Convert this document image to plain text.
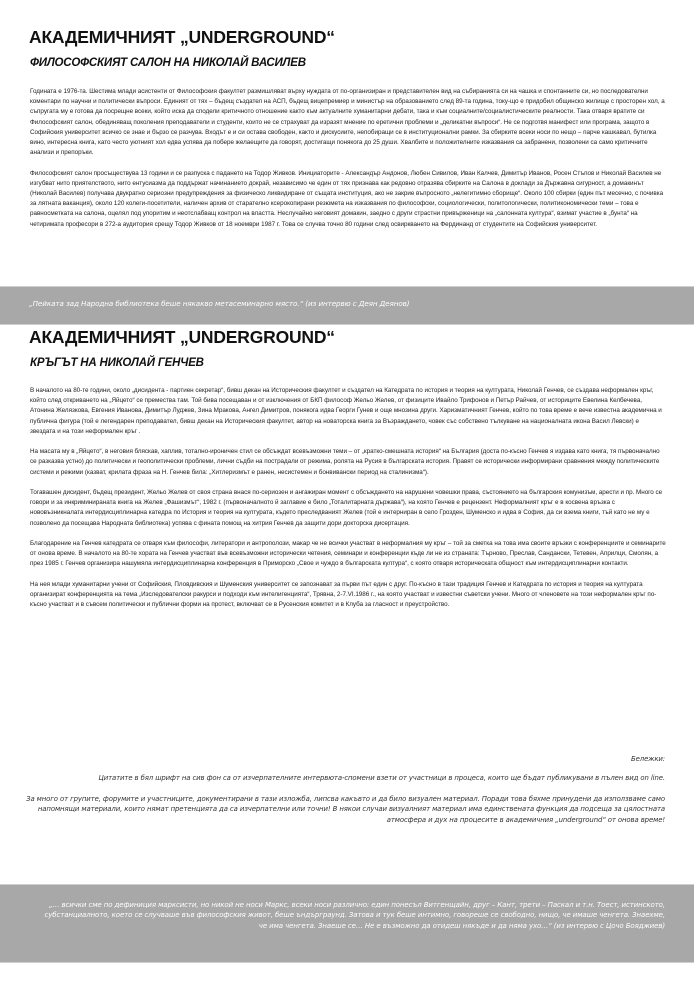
АКАДЕМИЧНИЯТ „UNDERGROUND“
ФИЛОСОФСКИЯТ САЛОН НА НИКОЛАЙ ВАСИЛЕВ

Годината е 1976-та. Шестима млади асистенти от Философския факултет размишляват върху нуждата от по-организиран и представителен вид на събиранията си на чашка и спонтанните си, но последователни коментари по научни и политически въпроси. Единият от тях – бъдещ създател на АСП, бъдещ вицепремиер и министър на образованието след 89-та година, току-що е придобил общинско жилище с просторен хол, а съпругата му е готова да посрещне всеки, който иска да сподели критичното отношение както към актуалните хуманитарни дебати, така и към социалните/социалистическите реалности. Така отваря вратите си Философският салон, обединяващ поколения преподаватели и студенти, които не се страхуват да изразят мнение по еретични проблеми и „деликатни въпроси“. Не се подготвя манифест или програма, защото в Софийския университет всичко се знае и бързо се разчува. Входът е и си остава свободен, както и дискусиите, непобиращи се в институционални рамки. За сбирките всеки носи по нещо – парче кашкавал, бутилка вино, интересна книга, като често уютният хол едва успява да побере желаещите да говорят, достигащи понякога до 25 души. Хвалбите и положителните изказвания са забранени, позволени са само критичните анализи и препоръки.

Философският салон просъществува 13 години и се разпуска с падането на Тодор Живков. Инициаторите - Александър Андонов, Любен Сивилов, Иван Калчев, Димитър Иванов, Росен Стъпов и Николай Василев не изгубват нито приятелството, нито ентусиазма да поддържат начинанието докрай, независимо че един от тях признава как редовно отразява сбирките на Салона в доклади за Държавна сигурност, а домакинът (Николай Василев) получава двукратно сериозни предупреждения за физическо ликвидиране от същата институция, ако не закрие въпросното „нелегитимно сборище“. Около 100 сбирки (един път месечно, с почивка за лятната ваканция), около 120 колеги-посетители, наличен архив от старателно ксерокопирани резюмета на изказвания по философски, социологически, политологически, политикономически теми – това е равносметката на салона, оцелял под упоритим и неотслабващ контрол на властта. Неслучайно неговият домакин, заедно с други страстни привърженици на „салонната култура“, взимат участие в „бунта“ на четиримата професори в 272-а аудитория срещу Тодор Живков от 18 ноември 1987 г. Това се случва точно 80 години след освиркването на Фердинанд от студентите на Софийския университет.

„Пейката зад Народна библиотека беше някакво метасеминарно място.“ (из интервю с Деян Деянов)
АКАДЕМИЧНИЯТ „UNDERGROUND“
КРЪГЪТ НА НИКОЛАЙ ГЕНЧЕВ

В началото на 80-те години, около „дисидента - партиен секретар“, бивш декан на Историческия факултет и създател на Катедрата по история и теория на културата, Николай Генчев, се създава неформален кръг, който след откриването на „Яйцето“ се премества там. Той бива посещаван и от изключения от БКП философ Жельо Желев, от физиците Ивайло Трифонов и Петър Райчев, от историците Евелина Келбечева, Атонина Желязкова, Евгения Иванова, Димитър Луджев, Зина Мракова, Ангел Димитров, понякога идва Георги Гунев и още мнозина други. Харизматичният Генчев, който по това време е вече известна академична и публична фигура (той е легендарен преподавател, бивш декан на Историческия факултет, автор на новаторска книга за Възраждането, човек със собствено тълкуване на националната икона Васил Левски) е звездата и на този неформален кръг .

На масата му в „Яйцето“, в неговия бляскав, хаплив, тотално-ироничен стил се обсъждат всевъзможни теми – от „кратко-смешната история“ на България (доста по-късно Генчев я издава като книга, тя първоначално се разказва устно) до политически и геополитически проблеми, лични съдби на пострадали от режима, ролята на Русия в българската история. Правят се исторически информирани сравнения между политическите системи и режими (казват, крилата фраза на Н. Генчев била: „Хитлеризмът е ранен, несистемен и бонвивански период на сталинизма“).

Тогавашен дисидент, бъдещ президент, Жельо Желев от своя страна внася по-сериозен и ангажиран момент с обсъждането на нарушени човешки права, състоянието на българския комунизъм, арести и пр. Много се говори и за инкриминираната книга на Желев „Фашизмът“, 1982 г. (първоначалното й заглавие е било „Тоталитарната държава“), на която Генчев е рецензент. Неформалният кръг е в косвена връзка с нововъзникналата интердисциплинарна катедра по История и теория на културата, където преследваният Желев (той е интерниран в село Грозден, Шуменско и идва в София, да си взема книги, тъй като не му е позволено да посещава Народната библиотека) успява с фината помощ на хитрия Генчев да защити дори докторска дисертация.

Благодарение на Генчев катедрата се отваря към философи, литератори и антрополози, макар че не всички участват в неформалния му кръг – той за сметка на това има своите връзки с конференциите и семинарите от онова време. В началото на 80-те хората на Генчев участват във всевъзможни исторически четения, семинари и конференции къде ли не из страната: Търново, Преслав, Сандански, Тетевен, Априлци, Смолян, а през 1985 г. Генчев организира нашумяла интердисциплинарна конференция в Приморско „Свое и чуждо в българската култура“, с която отваря историческата общност към интердисциплинарни контакти.

На нея млади хуманитарни учени от Софийския, Пловдивския и Шуменския университет се запознават за първи път един с друг. По-късно в тази традиция Генчев и Катедрата по история и теория на културата организират конференцията на тема „Изследователски ракурси и подходи към интелигенцията“, Трявна, 2-7.VI.1986 г., на която участват и известни съветски учени. Много от членовете на този неформален кръг по-късно участват и в съвсем политически и публични форми на протест, включват се в Русенския комитет и в Клуба за гласност и преустройство.

Бележки:

Цитатите в бял шрифт на сив фон са от изчерпателните интервюта-спомени взети от участници в процеса, които ще бъдат публикувани в пълен вид on line.

За много от групите, форумите и участниците, документирани в тази изложба, липсва какъвто и да било визуален материал. Поради това бяхме принудени да използваме само напомнящи материали, които нямат претенцията да са изчерпателни или точни! В някои случаи визуалният материал има единствената функция да подсеща за цялостната атмосфера и дух на процесите в академичния „underground“ от онова време!

„… всички сме по дефиниция марксисти, но никой не носи Маркс, всеки носи различно: един понесъл Витгенщайн, друг – Кант, трети – Паскал и т.н. Тоест, истинското, субстанциалното, което се случваше във философския живот, беше ъндърграунд. Затова и тук беше интимно, говореше се свободно, нищо, че имаше ченгета. Знаехме, че има ченгета. Знаеше се… Не е възможно да отидеш някъде и да няма ухо…“ (из интервю с Цочо Бояджиев)
